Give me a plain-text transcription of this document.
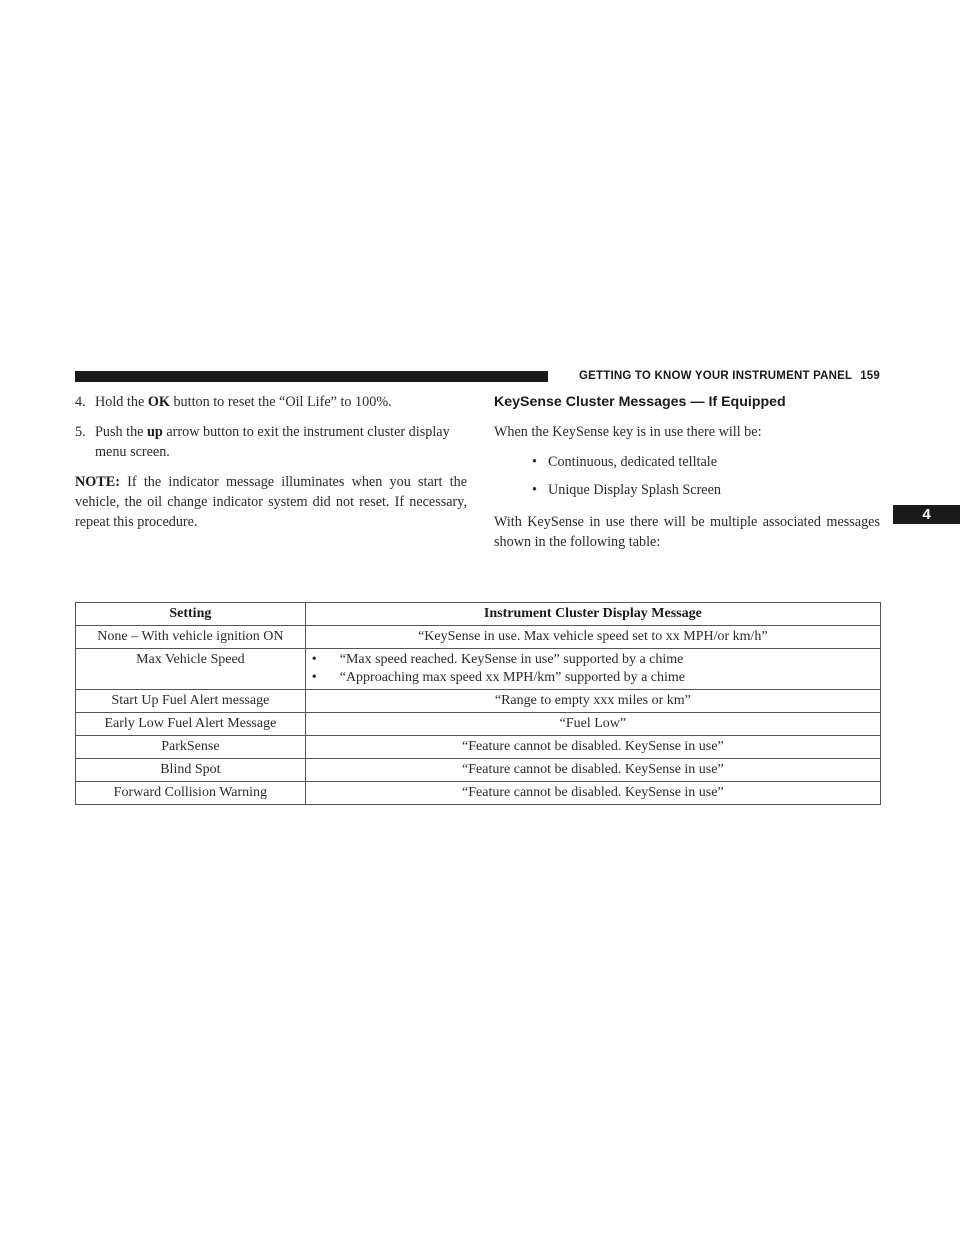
GETTING TO KNOW YOUR INSTRUMENT PANEL 159
4

4. Hold the OK button to reset the “Oil Life” to 100%.

5. Push the up arrow button to exit the instrument cluster display menu screen.

NOTE: If the indicator message illuminates when you start the vehicle, the oil change indicator system did not reset. If necessary, repeat this procedure.

KeySense Cluster Messages — If Equipped

When the KeySense key is in use there will be:

• Continuous, dedicated telltale
• Unique Display Splash Screen

With KeySense in use there will be multiple associated messages shown in the following table:

Setting	Instrument Cluster Display Message
None – With vehicle ignition ON	“KeySense in use. Max vehicle speed set to xx MPH/or km/h”
Max Vehicle Speed	• “Max speed reached. KeySense in use” supported by a chime
• “Approaching max speed xx MPH/km” supported by a chime

Start Up Fuel Alert message	“Range to empty xxx miles or km”
Early Low Fuel Alert Message	“Fuel Low”
ParkSense	“Feature cannot be disabled. KeySense in use”
Blind Spot	“Feature cannot be disabled. KeySense in use”
Forward Collision Warning	“Feature cannot be disabled. KeySense in use”
